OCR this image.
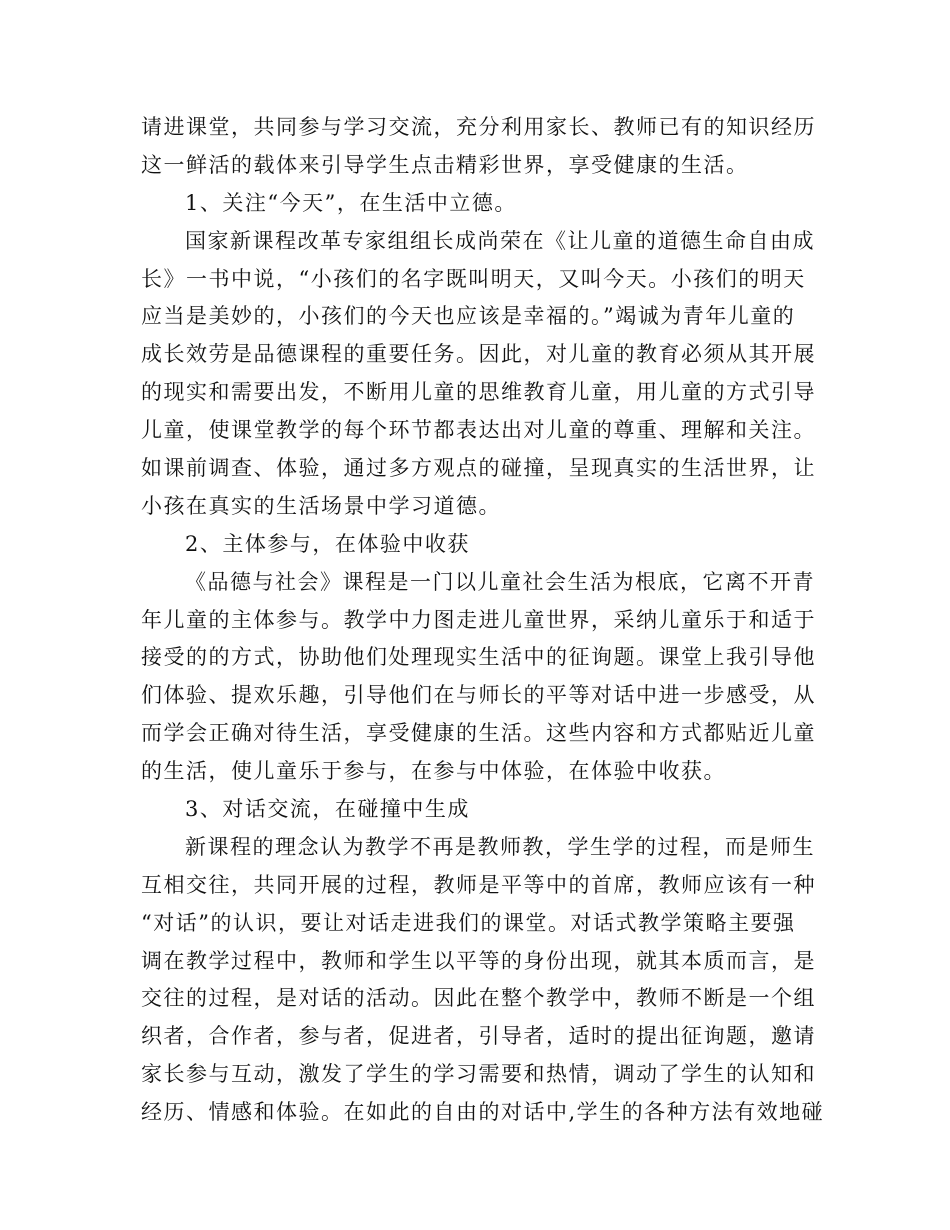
请进课堂，共同参与学习交流，充分利用家长、教师已有的知识经历
这一鲜活的载体来引导学生点击精彩世界，享受健康的生活。
1、关注“今天”，在生活中立德。
国家新课程改革专家组组长成尚荣在《让儿童的道德生命自由成
长》一书中说，“小孩们的名字既叫明天，又叫今天。小孩们的明天
应当是美妙的，小孩们的今天也应该是幸福的。”竭诚为青年儿童的
成长效劳是品德课程的重要任务。因此，对儿童的教育必须从其开展
的现实和需要出发，不断用儿童的思维教育儿童，用儿童的方式引导
儿童，使课堂教学的每个环节都表达出对儿童的尊重、理解和关注。
如课前调查、体验，通过多方观点的碰撞，呈现真实的生活世界，让
小孩在真实的生活场景中学习道德。
2、主体参与，在体验中收获
《品德与社会》课程是一门以儿童社会生活为根底，它离不开青
年儿童的主体参与。教学中力图走进儿童世界，采纳儿童乐于和适于
接受的的方式，协助他们处理现实生活中的征询题。课堂上我引导他
们体验、提欢乐趣，引导他们在与师长的平等对话中进一步感受，从
而学会正确对待生活，享受健康的生活。这些内容和方式都贴近儿童
的生活，使儿童乐于参与，在参与中体验，在体验中收获。
3、对话交流，在碰撞中生成
新课程的理念认为教学不再是教师教，学生学的过程，而是师生
互相交往，共同开展的过程，教师是平等中的首席，教师应该有一种
“对话”的认识，要让对话走进我们的课堂。对话式教学策略主要强
调在教学过程中，教师和学生以平等的身份出现，就其本质而言，是
交往的过程，是对话的活动。因此在整个教学中，教师不断是一个组
织者，合作者，参与者，促进者，引导者，适时的提出征询题，邀请
家长参与互动，激发了学生的学习需要和热情，调动了学生的认知和
经历、情感和体验。在如此的自由的对话中,学生的各种方法有效地碰
